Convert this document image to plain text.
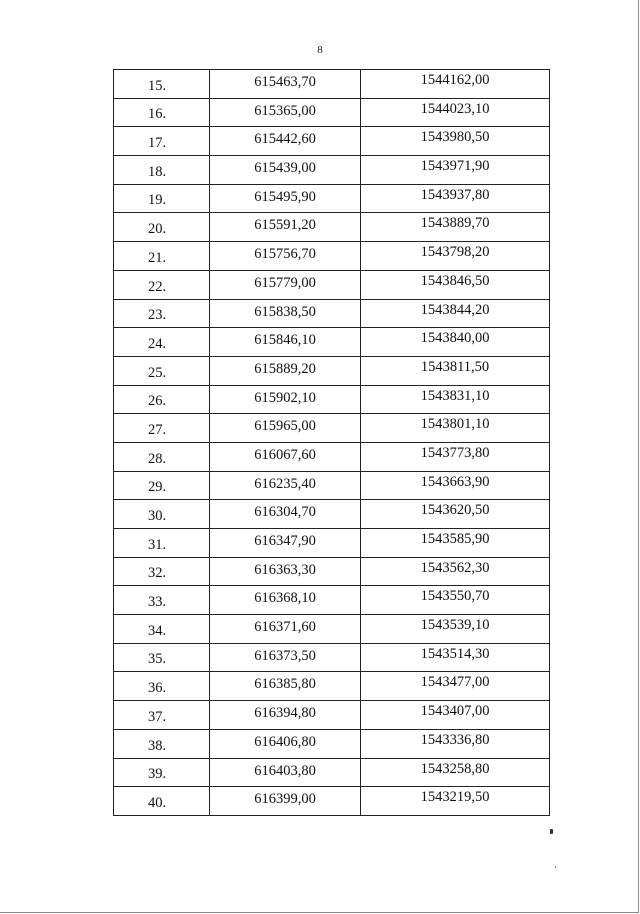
8
15.	615463,70	1544162,00
16.	615365,00	1544023,10
17.	615442,60	1543980,50
18.	615439,00	1543971,90
19.	615495,90	1543937,80
20.	615591,20	1543889,70
21.	615756,70	1543798,20
22.	615779,00	1543846,50
23.	615838,50	1543844,20
24.	615846,10	1543840,00
25.	615889,20	1543811,50
26.	615902,10	1543831,10
27.	615965,00	1543801,10
28.	616067,60	1543773,80
29.	616235,40	1543663,90
30.	616304,70	1543620,50
31.	616347,90	1543585,90
32.	616363,30	1543562,30
33.	616368,10	1543550,70
34.	616371,60	1543539,10
35.	616373,50	1543514,30
36.	616385,80	1543477,00
37.	616394,80	1543407,00
38.	616406,80	1543336,80
39.	616403,80	1543258,80
40.	616399,00	1543219,50
